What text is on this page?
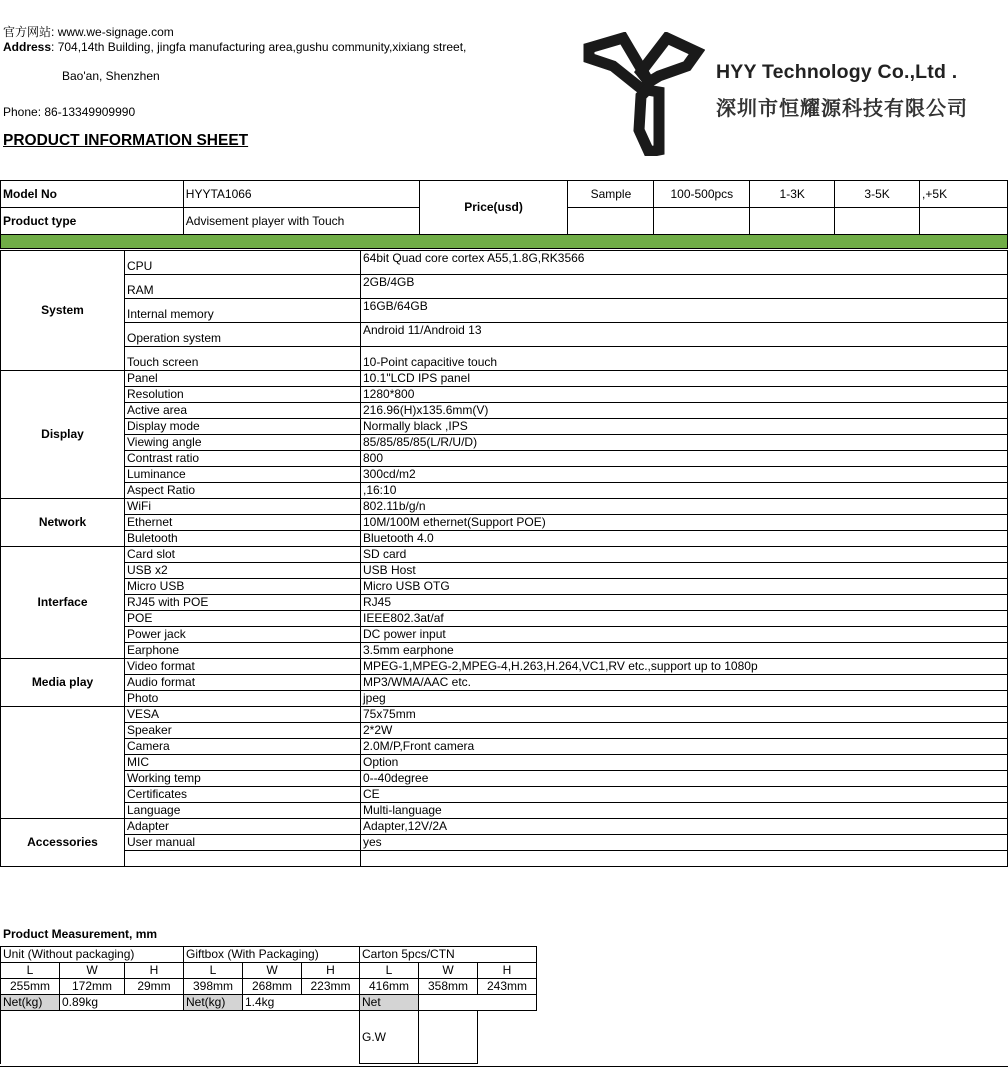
官方网站: www.we-signage.com
Address: 704,14th Building, jingfa manufacturing area,gushu community,xixiang street,
Bao'an, Shenzhen
Phone: 86-13349909990
PRODUCT INFORMATION SHEET
HYY Technology Co.,Ltd .
深圳市恒耀源科技有限公司
Model No	HYYTA1066	Price(usd)	Sample	100-500pcs	1-3K	3-5K	,+5K
Product type	Advisement player with Touch						
System	CPU	64bit Quad core cortex A55,1.8G,RK3566
	RAM	2GB/4GB
	Internal memory	16GB/64GB
	Operation system	Android 11/Android 13
	Touch screen	10-Point capacitive touch
Display	Panel	10.1"LCD IPS panel
	Resolution	1280*800
	Active area	216.96(H)x135.6mm(V)
	Display mode	Normally black ,IPS
	Viewing angle	85/85/85/85(L/R/U/D)
	Contrast ratio	800
	Luminance	300cd/m2
	Aspect Ratio	,16:10
Network	WiFi	802.11b/g/n
	Ethernet	10M/100M ethernet(Support POE)
	Buletooth	Bluetooth 4.0
Interface	Card slot	SD card
	USB x2	USB Host
	Micro USB	Micro USB OTG
	RJ45 with POE	RJ45
	POE	IEEE802.3at/af
	Power jack	DC power input
	Earphone	3.5mm earphone
Media play	Video format	MPEG-1,MPEG-2,MPEG-4,H.263,H.264,VC1,RV etc.,support up to 1080p
	Audio format	MP3/WMA/AAC etc.
	Photo	jpeg
	VESA	75x75mm
	Speaker	2*2W
	Camera	2.0M/P,Front camera
	MIC	Option
	Working temp	0--40degree
	Certificates	CE
	Language	Multi-language
Accessories	Adapter	Adapter,12V/2A
	User manual	yes

Product Measurement, mm
Unit (Without packaging)			Giftbox (With Packaging)			Carton 5pcs/CTN		
L	W	H	L	W	H	L	W	H
255mm	172mm	29mm	398mm	268mm	223mm	416mm	358mm	243mm
Net(kg)	0.89kg		Net(kg)	1.4kg		Net		
						G.W		
